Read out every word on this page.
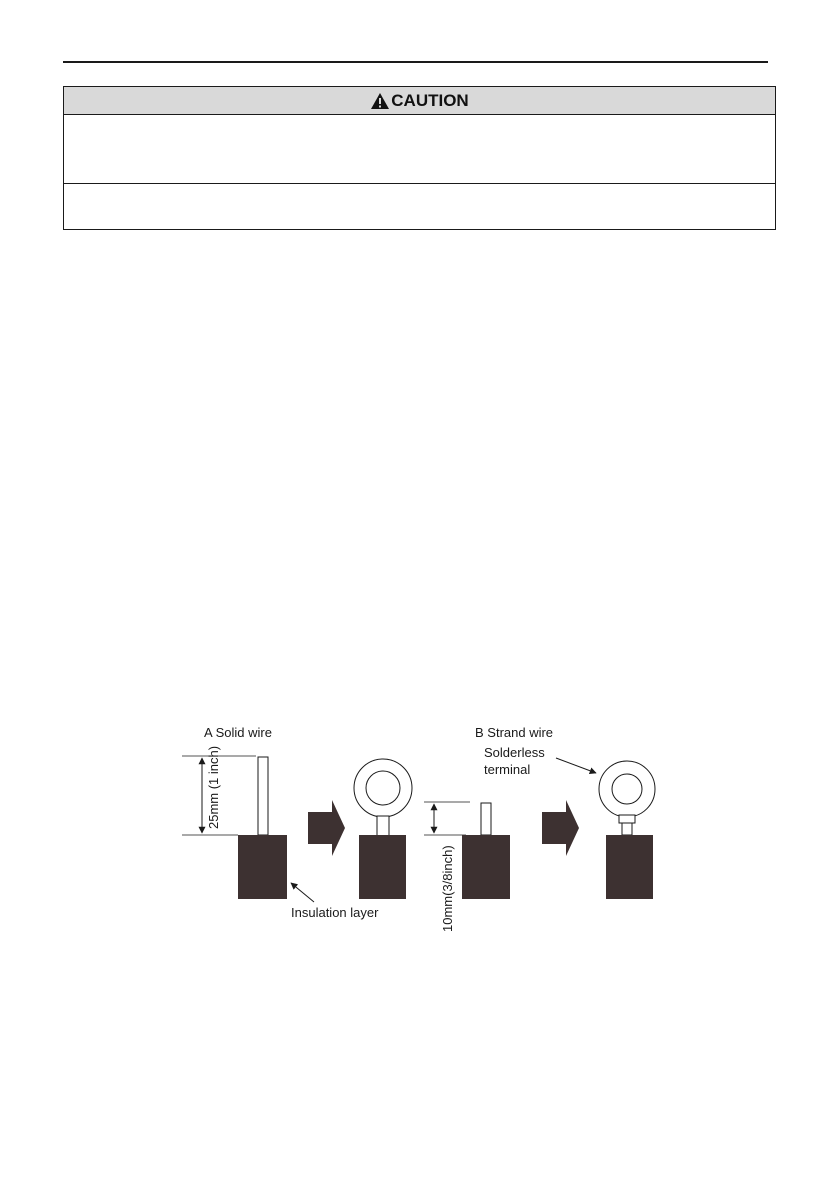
CAUTION
A Solid wire
25mm (1 inch)
Insulation layer
B Strand wire
Solderless
terminal
10mm(3/8inch)
